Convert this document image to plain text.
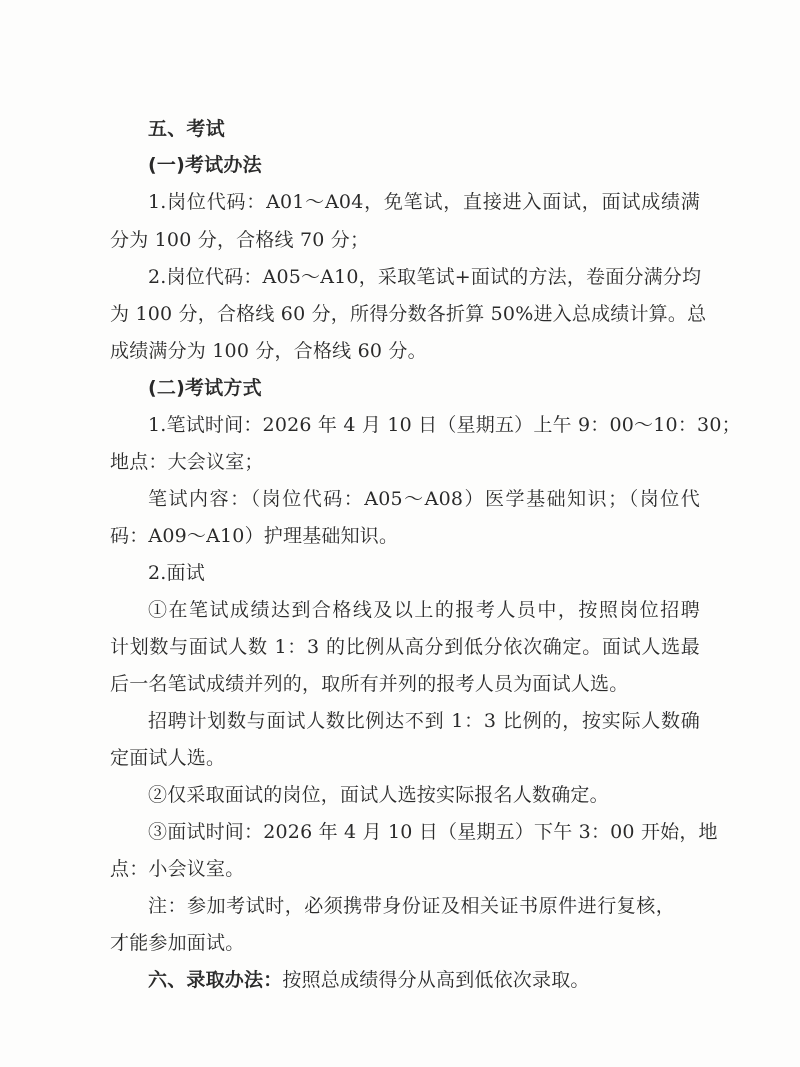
五、考试
(一)考试办法
1.岗位代码：A01～A04，免笔试，直接进入面试，面试成绩满
分为 100 分，合格线 70 分；
2.岗位代码：A05～A10，采取笔试+面试的方法，卷面分满分均
为 100 分，合格线 60 分，所得分数各折算 50%进入总成绩计算。总
成绩满分为 100 分，合格线 60 分。
(二)考试方式
1.笔试时间：2026 年 4 月 10 日（星期五）上午 9：00～10：30；
地点：大会议室；
笔试内容：（岗位代码：A05～A08）医学基础知识；（岗位代
码：A09～A10）护理基础知识。
2.面试
①在笔试成绩达到合格线及以上的报考人员中，按照岗位招聘
计划数与面试人数 1：3 的比例从高分到低分依次确定。面试人选最
后一名笔试成绩并列的，取所有并列的报考人员为面试人选。
招聘计划数与面试人数比例达不到 1：3 比例的，按实际人数确
定面试人选。
②仅采取面试的岗位，面试人选按实际报名人数确定。
③面试时间：2026 年 4 月 10 日（星期五）下午 3：00 开始，地
点：小会议室。
注：参加考试时，必须携带身份证及相关证书原件进行复核，
才能参加面试。
六、录取办法：按照总成绩得分从高到低依次录取。
